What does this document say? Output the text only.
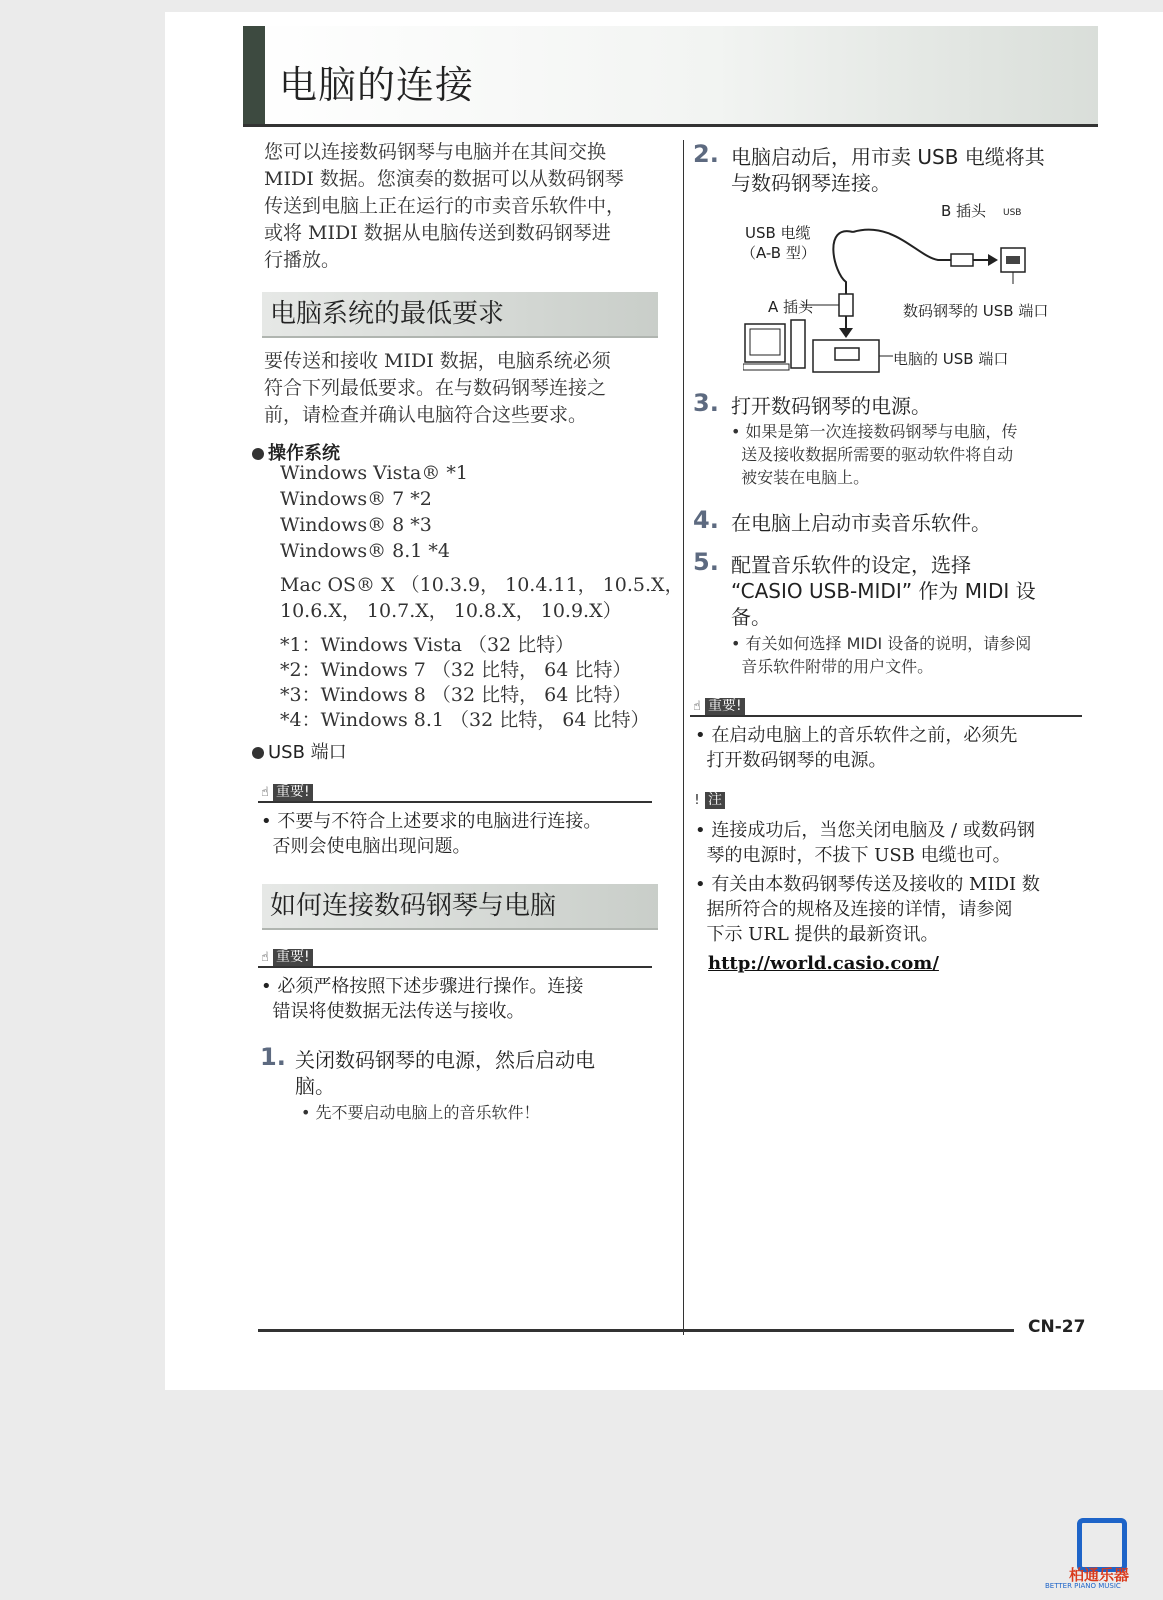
电脑的连接
您可以连接数码钢琴与电脑并在其间交换
MIDI 数据。您演奏的数据可以从数码钢琴
传送到电脑上正在运行的市卖音乐软件中，
或将 MIDI 数据从电脑传送到数码钢琴进
行播放。
电脑系统的最低要求
要传送和接收 MIDI 数据，电脑系统必须
符合下列最低要求。在与数码钢琴连接之
前，请检查并确认电脑符合这些要求。
操作系统
Windows Vista® *1
Windows® 7 *2
Windows® 8 *3
Windows® 8.1 *4
Mac OS® X （10.3.9， 10.4.11， 10.5.X，
10.6.X， 10.7.X， 10.8.X， 10.9.X）
*1：Windows Vista （32 比特）
*2：Windows 7 （32 比特， 64 比特）
*3：Windows 8 （32 比特， 64 比特）
*4：Windows 8.1 （32 比特， 64 比特）
USB 端口
☝ 重要!
• 不要与不符合上述要求的电脑进行连接。
否则会使电脑出现问题。
如何连接数码钢琴与电脑
☝ 重要!
• 必须严格按照下述步骤进行操作。连接
错误将使数据无法传送与接收。
1. 关闭数码钢琴的电源，然后启动电
脑。
• 先不要启动电脑上的音乐软件！
2. 电脑启动后，用市卖 USB 电缆将其
与数码钢琴连接。
B 插头 USB
USB 电缆
（A-B 型）
A 插头	数码钢琴的 USB 端口
电脑的 USB 端口
3. 打开数码钢琴的电源。
• 如果是第一次连接数码钢琴与电脑，传
送及接收数据所需要的驱动软件将自动
被安装在电脑上。
4. 在电脑上启动市卖音乐软件。
5. 配置音乐软件的设定，选择
“CASIO USB-MIDI” 作为 MIDI 设
备。
• 有关如何选择 MIDI 设备的说明，请参阅
音乐软件附带的用户文件。
☝ 重要!
• 在启动电脑上的音乐软件之前，必须先
打开数码钢琴的电源。
! 注
• 连接成功后，当您关闭电脑及 / 或数码钢
琴的电源时，不拔下 USB 电缆也可。
• 有关由本数码钢琴传送及接收的 MIDI 数
据所符合的规格及连接的详情，请参阅
下示 URL 提供的最新资讯。
http://world.casio.com/
CN-27
柏通乐器
BETTER PIANO MUSIC
